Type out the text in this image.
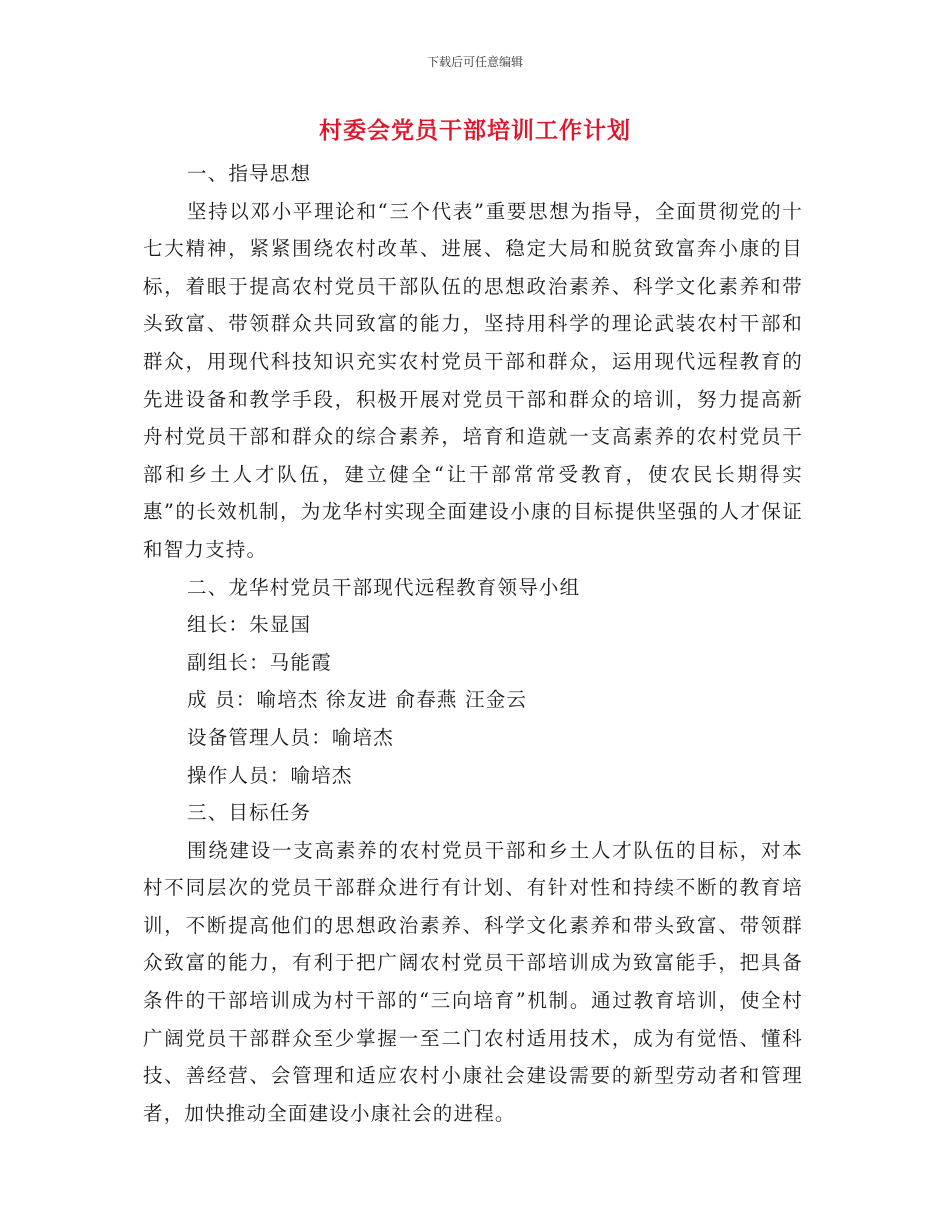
下载后可任意编辑
村委会党员干部培训工作计划

一、指导思想

坚持以邓小平理论和“三个代表”重要思想为指导，全面贯彻党的十七大精神，紧紧围绕农村改革、进展、稳定大局和脱贫致富奔小康的目标，着眼于提高农村党员干部队伍的思想政治素养、科学文化素养和带头致富、带领群众共同致富的能力，坚持用科学的理论武装农村干部和群众，用现代科技知识充实农村党员干部和群众，运用现代远程教育的先进设备和教学手段，积极开展对党员干部和群众的培训，努力提高新舟村党员干部和群众的综合素养，培育和造就一支高素养的农村党员干部和乡土人才队伍，建立健全“让干部常常受教育，使农民长期得实惠”的长效机制，为龙华村实现全面建设小康的目标提供坚强的人才保证和智力支持。

二、龙华村党员干部现代远程教育领导小组

组长：朱显国

副组长：马能霞

成 员：喻培杰 徐友进 俞春燕 汪金云

设备管理人员：喻培杰

操作人员：喻培杰

三、目标任务

围绕建设一支高素养的农村党员干部和乡土人才队伍的目标，对本村不同层次的党员干部群众进行有计划、有针对性和持续不断的教育培训，不断提高他们的思想政治素养、科学文化素养和带头致富、带领群众致富的能力，有利于把广阔农村党员干部培训成为致富能手，把具备条件的干部培训成为村干部的“三向培育”机制。通过教育培训，使全村广阔党员干部群众至少掌握一至二门农村适用技术，成为有觉悟、懂科技、善经营、会管理和适应农村小康社会建设需要的新型劳动者和管理者，加快推动全面建设小康社会的进程。
